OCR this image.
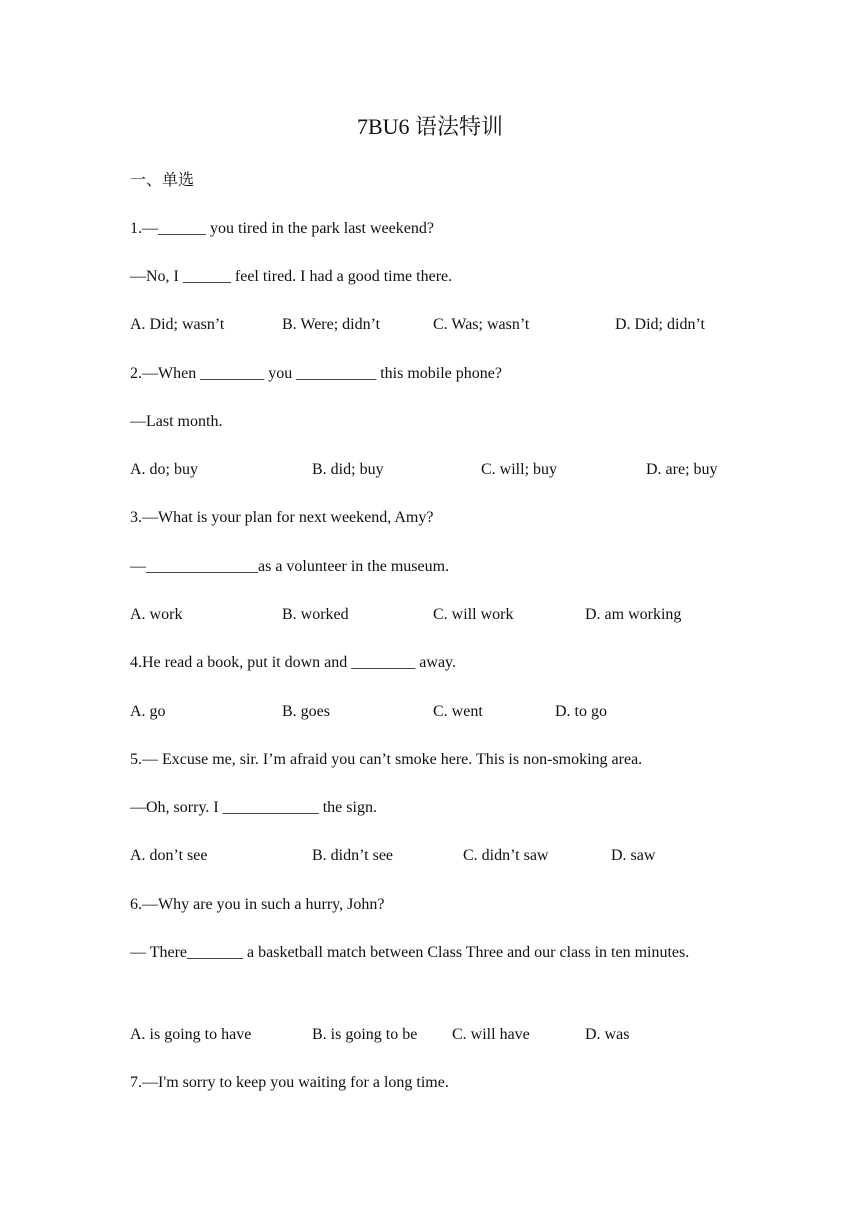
7BU6 语法特训
一、单选
1.—______ you tired in the park last weekend?
—No, I ______ feel tired. I had a good time there.
A. Did; wasn’t	B. Were; didn’t	C. Was; wasn’t	D. Did; didn’t
2.—When ________ you __________ this mobile phone?
—Last month.
A. do; buy	B. did; buy	C. will; buy	D. are; buy
3.—What is your plan for next weekend, Amy?
—______________as a volunteer in the museum.
A. work	B. worked	C. will work	D. am working
4.He read a book, put it down and ________ away.
A. go	B. goes	C. went	D. to go
5.— Excuse me, sir. I’m afraid you can’t smoke here. This is non-smoking area.
—Oh, sorry. I ____________ the sign.
A. don’t see	B. didn’t see	C. didn’t saw	D. saw
6.—Why are you in such a hurry, John?
— There_______ a basketball match between Class Three and our class in ten minutes.
A. is going to have	B. is going to be C. will have	D. was
7.—I'm sorry to keep you waiting for a long time.
